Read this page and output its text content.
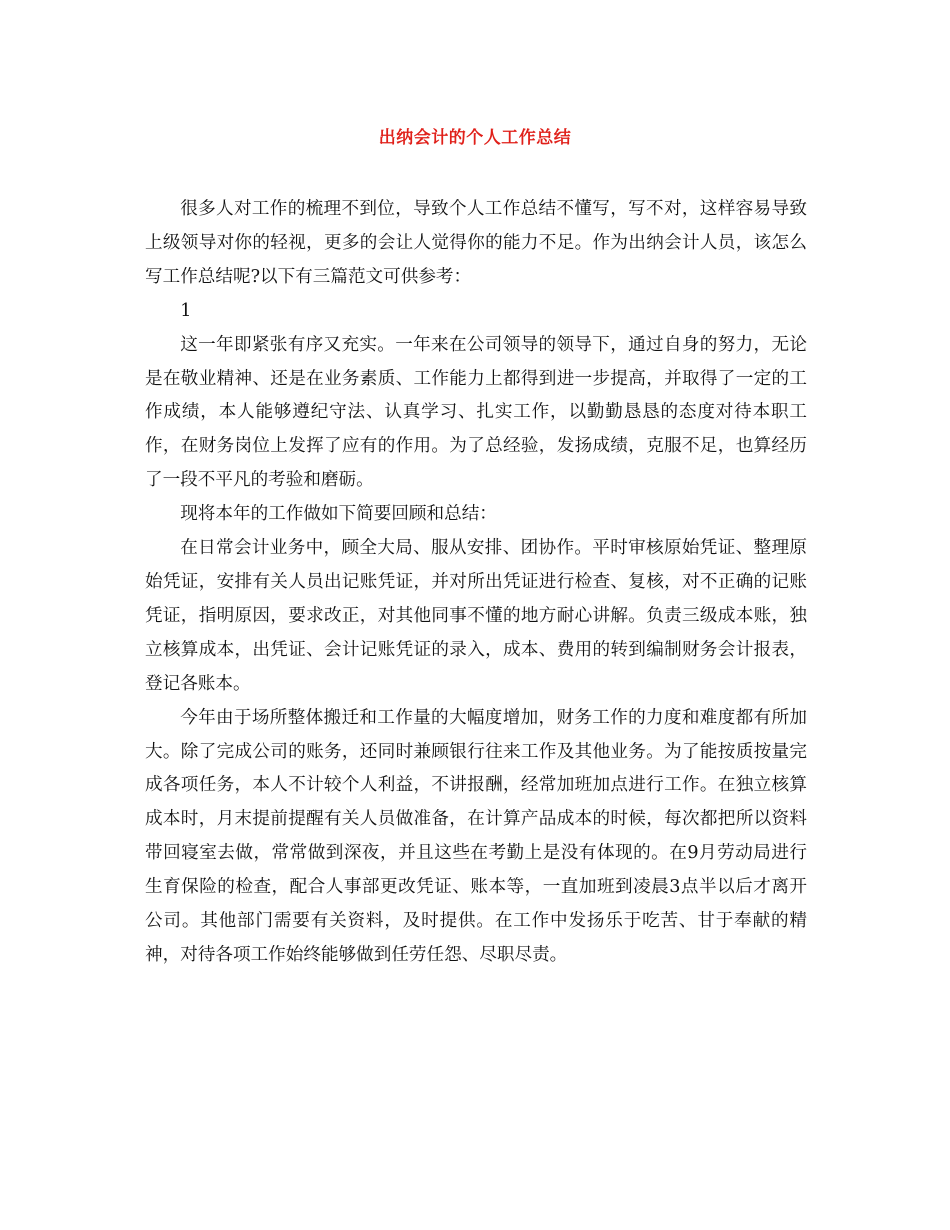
出纳会计的个人工作总结

很多人对工作的梳理不到位，导致个人工作总结不懂写，写不对，这样容易导致上级领导对你的轻视，更多的会让人觉得你的能力不足。作为出纳会计人员，该怎么写工作总结呢?以下有三篇范文可供参考：

1

这一年即紧张有序又充实。一年来在公司领导的领导下，通过自身的努力，无论是在敬业精神、还是在业务素质、工作能力上都得到进一步提高，并取得了一定的工作成绩，本人能够遵纪守法、认真学习、扎实工作，以勤勤恳恳的态度对待本职工作，在财务岗位上发挥了应有的作用。为了总经验，发扬成绩，克服不足，也算经历了一段不平凡的考验和磨砺。

现将本年的工作做如下简要回顾和总结：

在日常会计业务中，顾全大局、服从安排、团协作。平时审核原始凭证、整理原始凭证，安排有关人员出记账凭证，并对所出凭证进行检查、复核，对不正确的记账凭证，指明原因，要求改正，对其他同事不懂的地方耐心讲解。负责三级成本账，独立核算成本，出凭证、会计记账凭证的录入，成本、费用的转到编制财务会计报表，登记各账本。

今年由于场所整体搬迁和工作量的大幅度增加，财务工作的力度和难度都有所加大。除了完成公司的账务，还同时兼顾银行往来工作及其他业务。为了能按质按量完成各项任务，本人不计较个人利益，不讲报酬，经常加班加点进行工作。在独立核算成本时，月末提前提醒有关人员做准备，在计算产品成本的时候，每次都把所以资料带回寝室去做，常常做到深夜，并且这些在考勤上是没有体现的。在9月劳动局进行生育保险的检查，配合人事部更改凭证、账本等，一直加班到凌晨3点半以后才离开公司。其他部门需要有关资料，及时提供。在工作中发扬乐于吃苦、甘于奉献的精神，对待各项工作始终能够做到任劳任怨、尽职尽责。
